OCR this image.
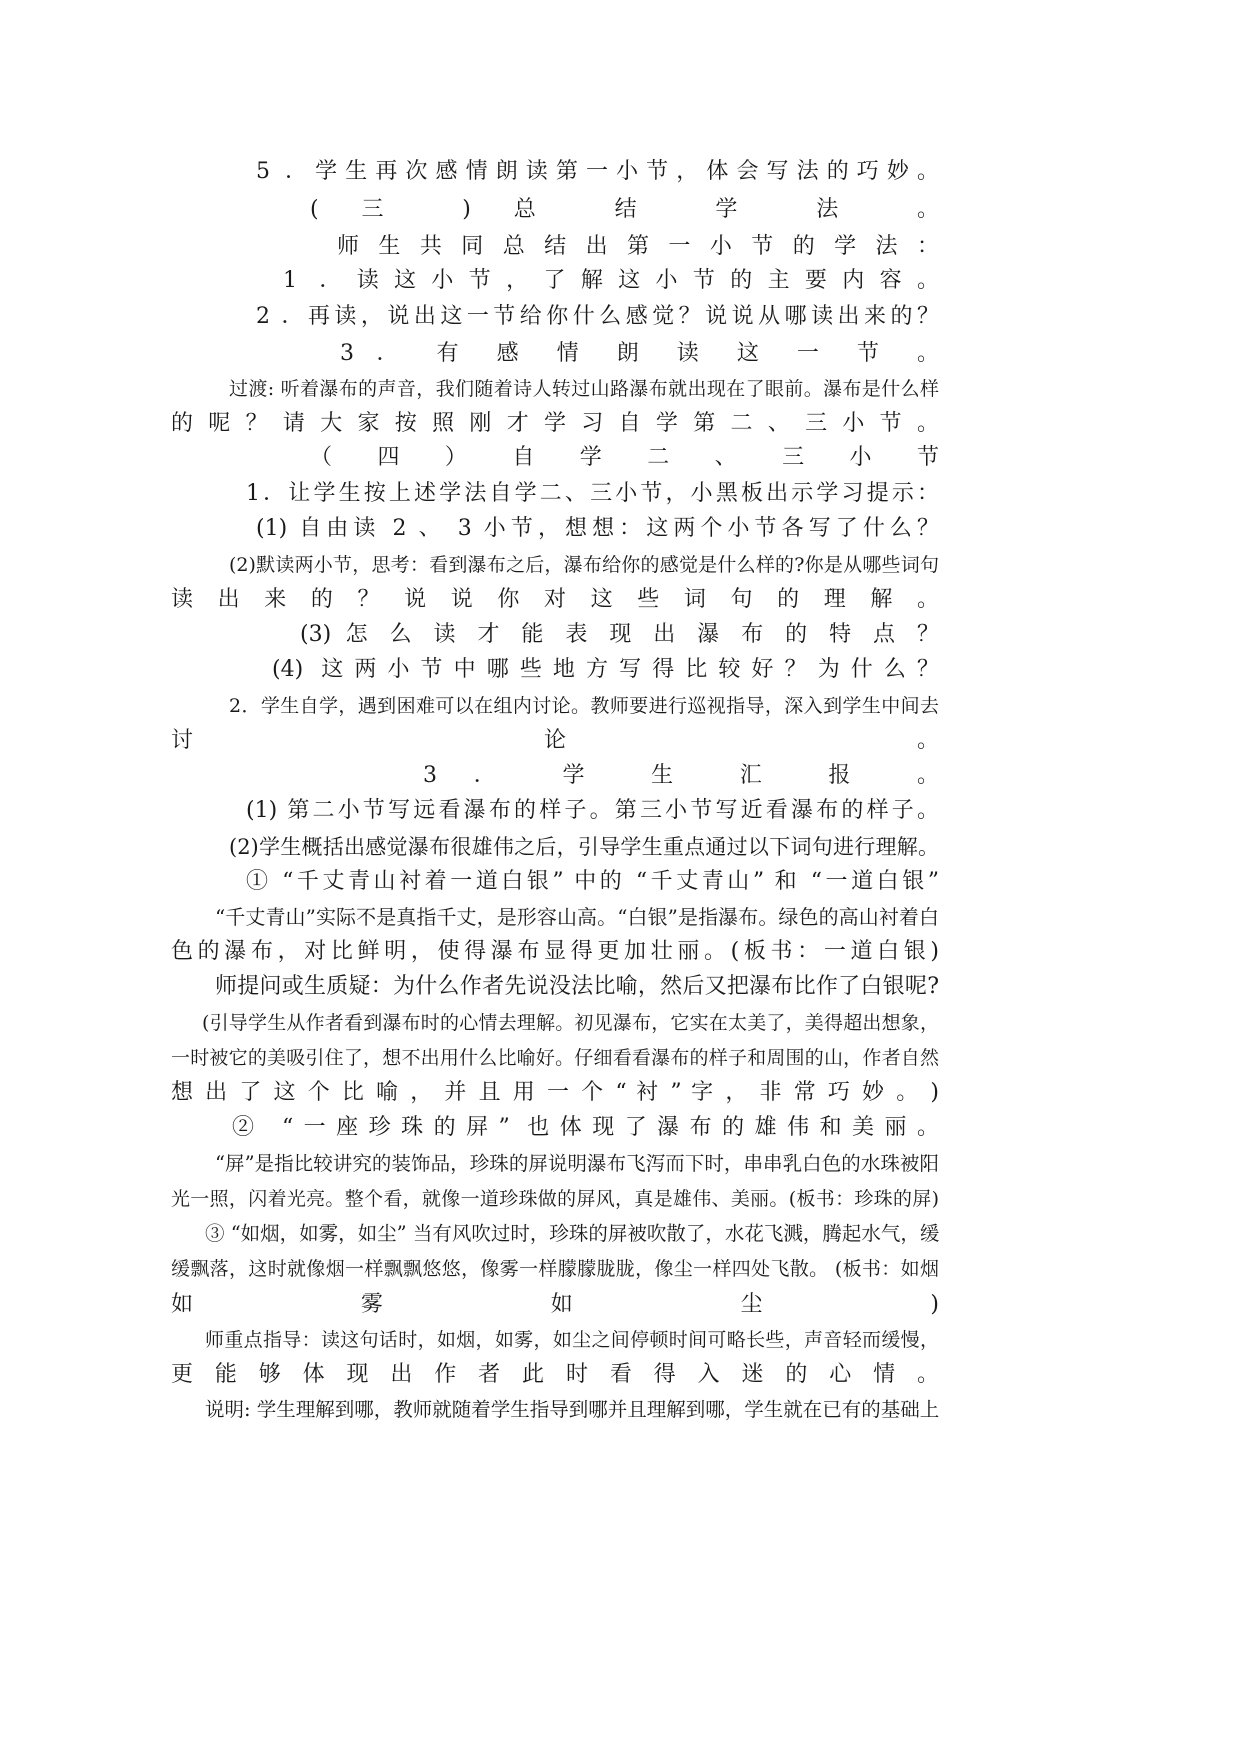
5 ．学生再次感情朗读第一小节，体会写法的巧妙。
( 三 ) 总 结 学 法 。
师生共同总结出第一小节的学法：
1 ．读这小节，了解这小节的主要内容。
2 ．再读，说出这一节给你什么感觉？说说从哪读出来的？
3 ． 有 感 情 朗 读 这 一 节 。
过渡: 听着瀑布的声音，我们随着诗人转过山路瀑布就出现在了眼前。瀑布是什么样
的呢？请大家按照刚才学习自学第二、三小节。
（ 四 ） 自 学 二 、 三 小 节
1．让学生按上述学法自学二、三小节，小黑板出示学习提示：
(1) 自由读 2 、 3 小节，想想：这两个小节各写了什么？
(2)默读两小节，思考：看到瀑布之后，瀑布给你的感觉是什么样的?你是从哪些词句
读 出 来 的 ？ 说 说 你 对 这 些 词 句 的 理 解 。
(3) 怎 么 读 才 能 表 现 出 瀑 布 的 特 点 ？
(4) 这两小节中哪些地方写得比较好？为什么？
2．学生自学，遇到困难可以在组内讨论。教师要进行巡视指导，深入到学生中间去
讨 论 。
3 ． 学 生 汇 报 。
(1) 第二小节写远看瀑布的样子。第三小节写近看瀑布的样子。
(2)学生概括出感觉瀑布很雄伟之后，引导学生重点通过以下词句进行理解。
① “千丈青山衬着一道白银” 中的 “千丈青山” 和 “一道白银”
“千丈青山”实际不是真指千丈，是形容山高。“白银”是指瀑布。绿色的高山衬着白
色的瀑布，对比鲜明，使得瀑布显得更加壮丽。(板书：一道白银)
师提问或生质疑：为什么作者先说没法比喻，然后又把瀑布比作了白银呢?
(引导学生从作者看到瀑布时的心情去理解。初见瀑布，它实在太美了，美得超出想象，
一时被它的美吸引住了，想不出用什么比喻好。仔细看看瀑布的样子和周围的山，作者自然
想 出 了 这 个 比 喻 ， 并 且 用 一 个 “ 衬 ” 字 ， 非 常 巧 妙 。 )
② “一座珍珠的屏” 也体现了瀑布的雄伟和美丽。
“屏”是指比较讲究的装饰品，珍珠的屏说明瀑布飞泻而下时，串串乳白色的水珠被阳
光一照，闪着光亮。整个看，就像一道珍珠做的屏风，真是雄伟、美丽。(板书：珍珠的屏)
③ “如烟，如雾，如尘” 当有风吹过时，珍珠的屏被吹散了，水花飞溅，腾起水气，缓
缓飘落，这时就像烟一样飘飘悠悠，像雾一样朦朦胧胧，像尘一样四处飞散。 (板书：如烟
如 雾 如 尘 )
师重点指导：读这句话时，如烟，如雾，如尘之间停顿时间可略长些，声音轻而缓慢，
更 能 够 体 现 出 作 者 此 时 看 得 入 迷 的 心 情 。
说明: 学生理解到哪，教师就随着学生指导到哪并且理解到哪，学生就在已有的基础上
